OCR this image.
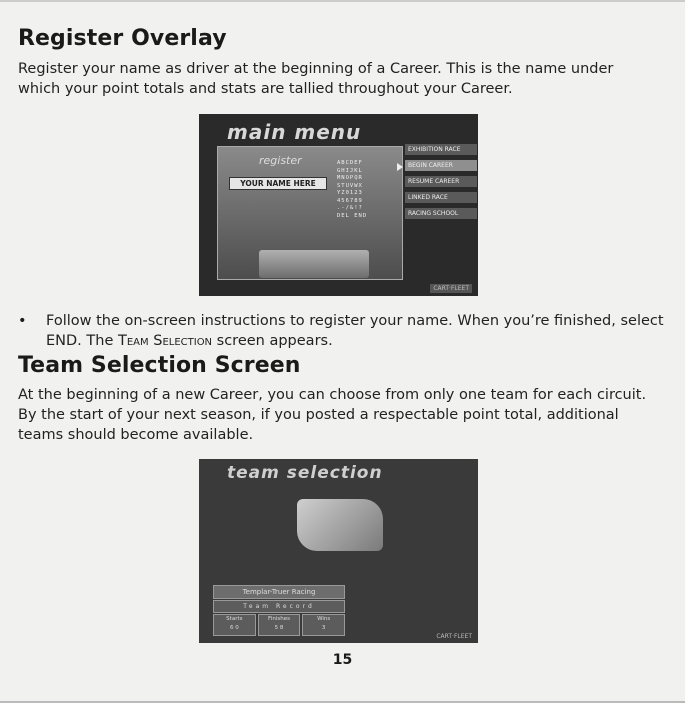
Register Overlay

Register your name as driver at the beginning of a Career. This is the name under which your point totals and stats are tallied throughout your Career.

main menu
register
YOUR NAME HERE
ABCDEF
GHIJKL
MNOPQR
STUVWX
YZ0123
456789
.-/&!?
DEL END
EXHIBITION RACE
BEGIN CAREER
RESUME CAREER
LINKED RACE
RACING SCHOOL
CART·FLEET
• Follow the on-screen instructions to register your name. When you’re finished, select END. The Team Selection screen appears.
Team Selection Screen

At the beginning of a new Career, you can choose from only one team for each circuit. By the start of your next season, if you posted a respectable point total, additional teams should become available.

team selection
Templar-Truer Racing
Team Record
Starts
6 0
Finishes
5 8
Wins
3
CART·FLEET
15
